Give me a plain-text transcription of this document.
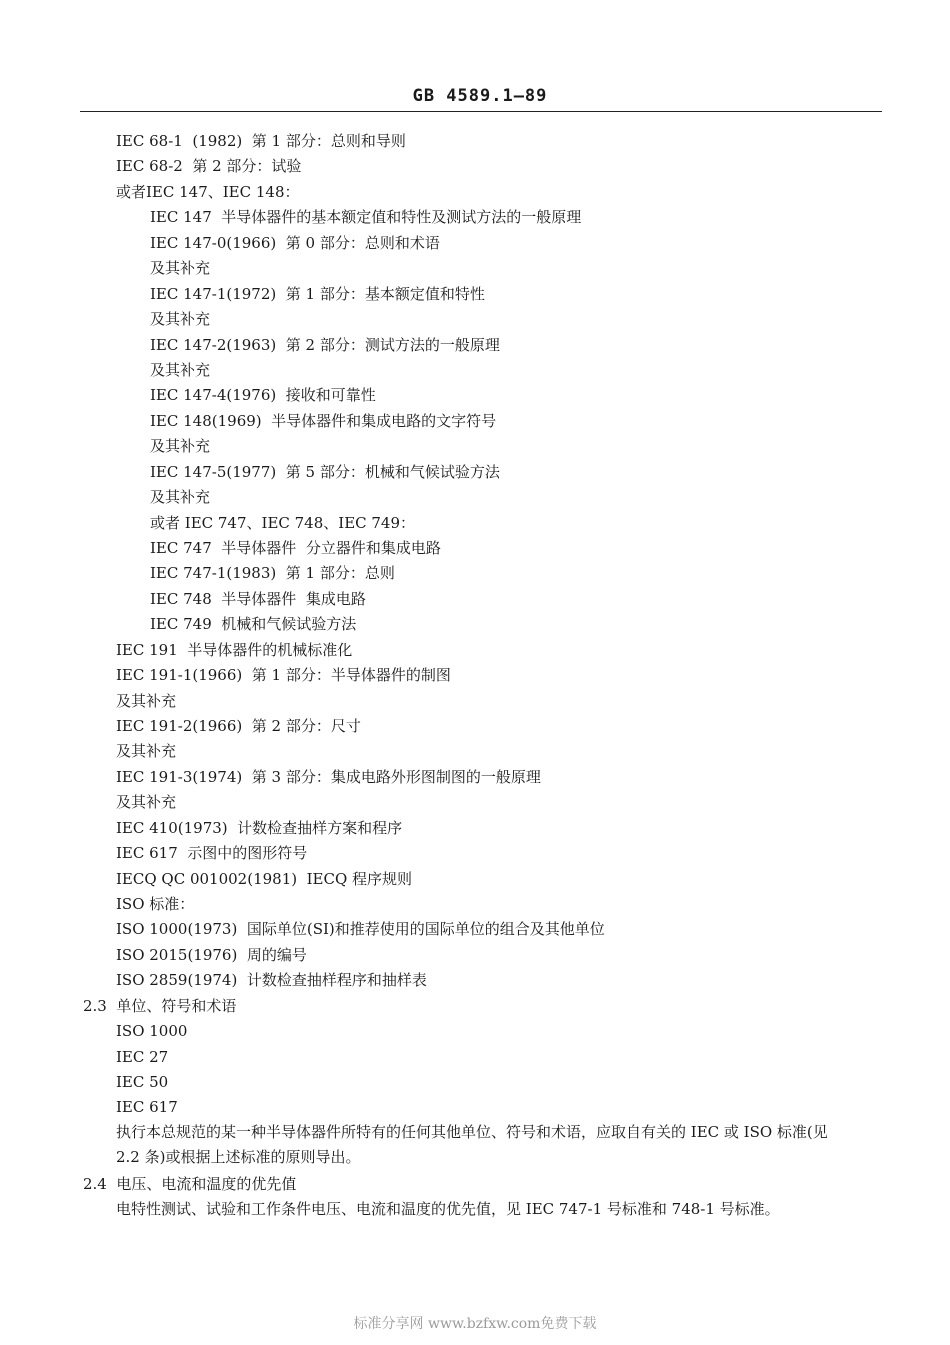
GB 4589.1—89
IEC 68-1  (1982)  第 1 部分：总则和导则
IEC 68-2  第 2 部分：试验
或者IEC 147、IEC 148：
IEC 147  半导体器件的基本额定值和特性及测试方法的一般原理
IEC 147-0(1966)  第 0 部分：总则和术语
及其补充
IEC 147-1(1972)  第 1 部分：基本额定值和特性
及其补充
IEC 147-2(1963)  第 2 部分：测试方法的一般原理
及其补充
IEC 147-4(1976)  接收和可靠性
IEC 148(1969)  半导体器件和集成电路的文字符号
及其补充
IEC 147-5(1977)  第 5 部分：机械和气候试验方法
及其补充
或者 IEC 747、IEC 748、IEC 749：
IEC 747  半导体器件  分立器件和集成电路
IEC 747-1(1983)  第 1 部分：总则
IEC 748  半导体器件  集成电路
IEC 749  机械和气候试验方法
IEC 191  半导体器件的机械标准化
IEC 191-1(1966)  第 1 部分：半导体器件的制图
及其补充
IEC 191-2(1966)  第 2 部分：尺寸
及其补充
IEC 191-3(1974)  第 3 部分：集成电路外形图制图的一般原理
及其补充
IEC 410(1973)  计数检查抽样方案和程序
IEC 617  示图中的图形符号
IECQ QC 001002(1981)  IECQ 程序规则
ISO 标准：
ISO 1000(1973)  国际单位(SI)和推荐使用的国际单位的组合及其他单位
ISO 2015(1976)  周的编号
ISO 2859(1974)  计数检查抽样程序和抽样表
2.3  单位、符号和术语
ISO 1000
IEC 27
IEC 50
IEC 617
执行本总规范的某一种半导体器件所特有的任何其他单位、符号和术语，应取自有关的 IEC 或 ISO 标准(见 2.2 条)或根据上述标准的原则导出。
2.4  电压、电流和温度的优先值
电特性测试、试验和工作条件电压、电流和温度的优先值，见 IEC 747-1 号标准和 748-1 号标准。
标准分享网 www.bzfxw.com免费下载
